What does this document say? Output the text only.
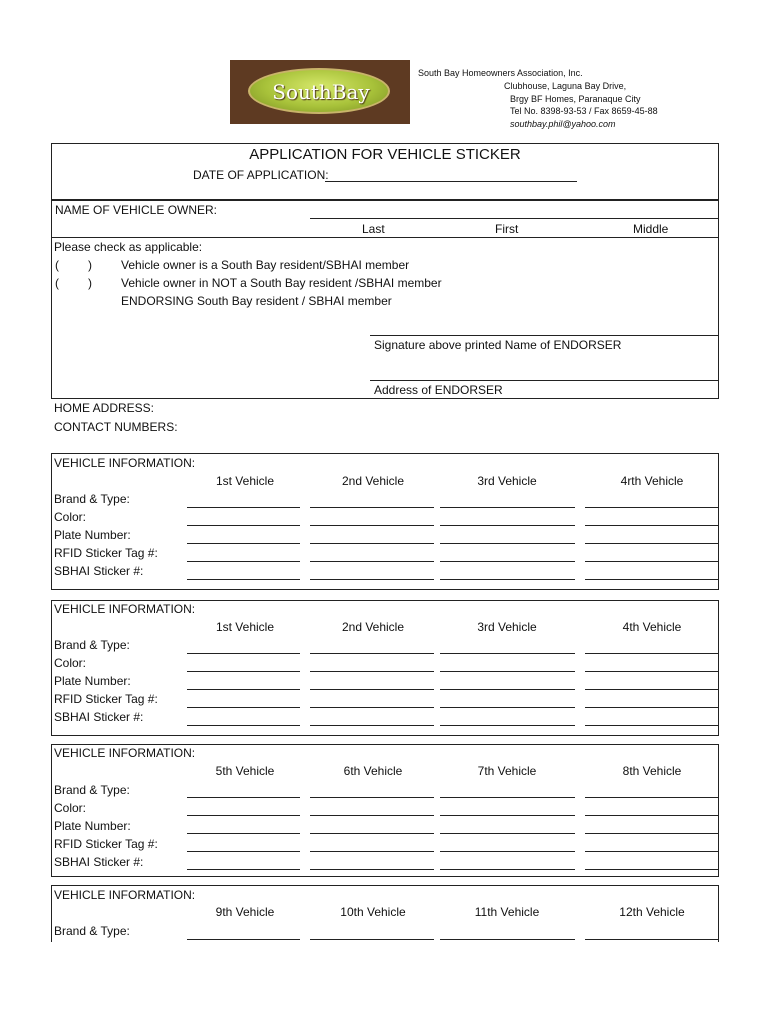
SouthBay
South Bay Homeowners Association, Inc.
Clubhouse, Laguna Bay Drive,
Brgy BF Homes, Paranaque City
Tel No. 8398-93-53 / Fax 8659-45-88
southbay.phil@yahoo.com
APPLICATION FOR VEHICLE STICKER
DATE OF APPLICATION:
NAME OF VEHICLE OWNER:
Last	First	Middle
Please check as applicable:
( ) Vehicle owner is a South Bay resident/SBHAI member
( ) Vehicle owner in NOT a South Bay resident /SBHAI member
ENDORSING South Bay resident / SBHAI member
Signature above printed Name of ENDORSER
Address of ENDORSER
HOME ADDRESS:
CONTACT NUMBERS:
VEHICLE INFORMATION:
1st Vehicle	2nd Vehicle	3rd Vehicle	4rth Vehicle
Brand & Type:
Color:
Plate Number:
RFID Sticker Tag #:
SBHAI Sticker #:
VEHICLE INFORMATION:
1st Vehicle	2nd Vehicle	3rd Vehicle	4th Vehicle
Brand & Type:
Color:
Plate Number:
RFID Sticker Tag #:
SBHAI Sticker #:
VEHICLE INFORMATION:
5th Vehicle	6th Vehicle	7th Vehicle	8th Vehicle
Brand & Type:
Color:
Plate Number:
RFID Sticker Tag #:
SBHAI Sticker #:
VEHICLE INFORMATION:
9th Vehicle	10th Vehicle	11th Vehicle	12th Vehicle
Brand & Type:
